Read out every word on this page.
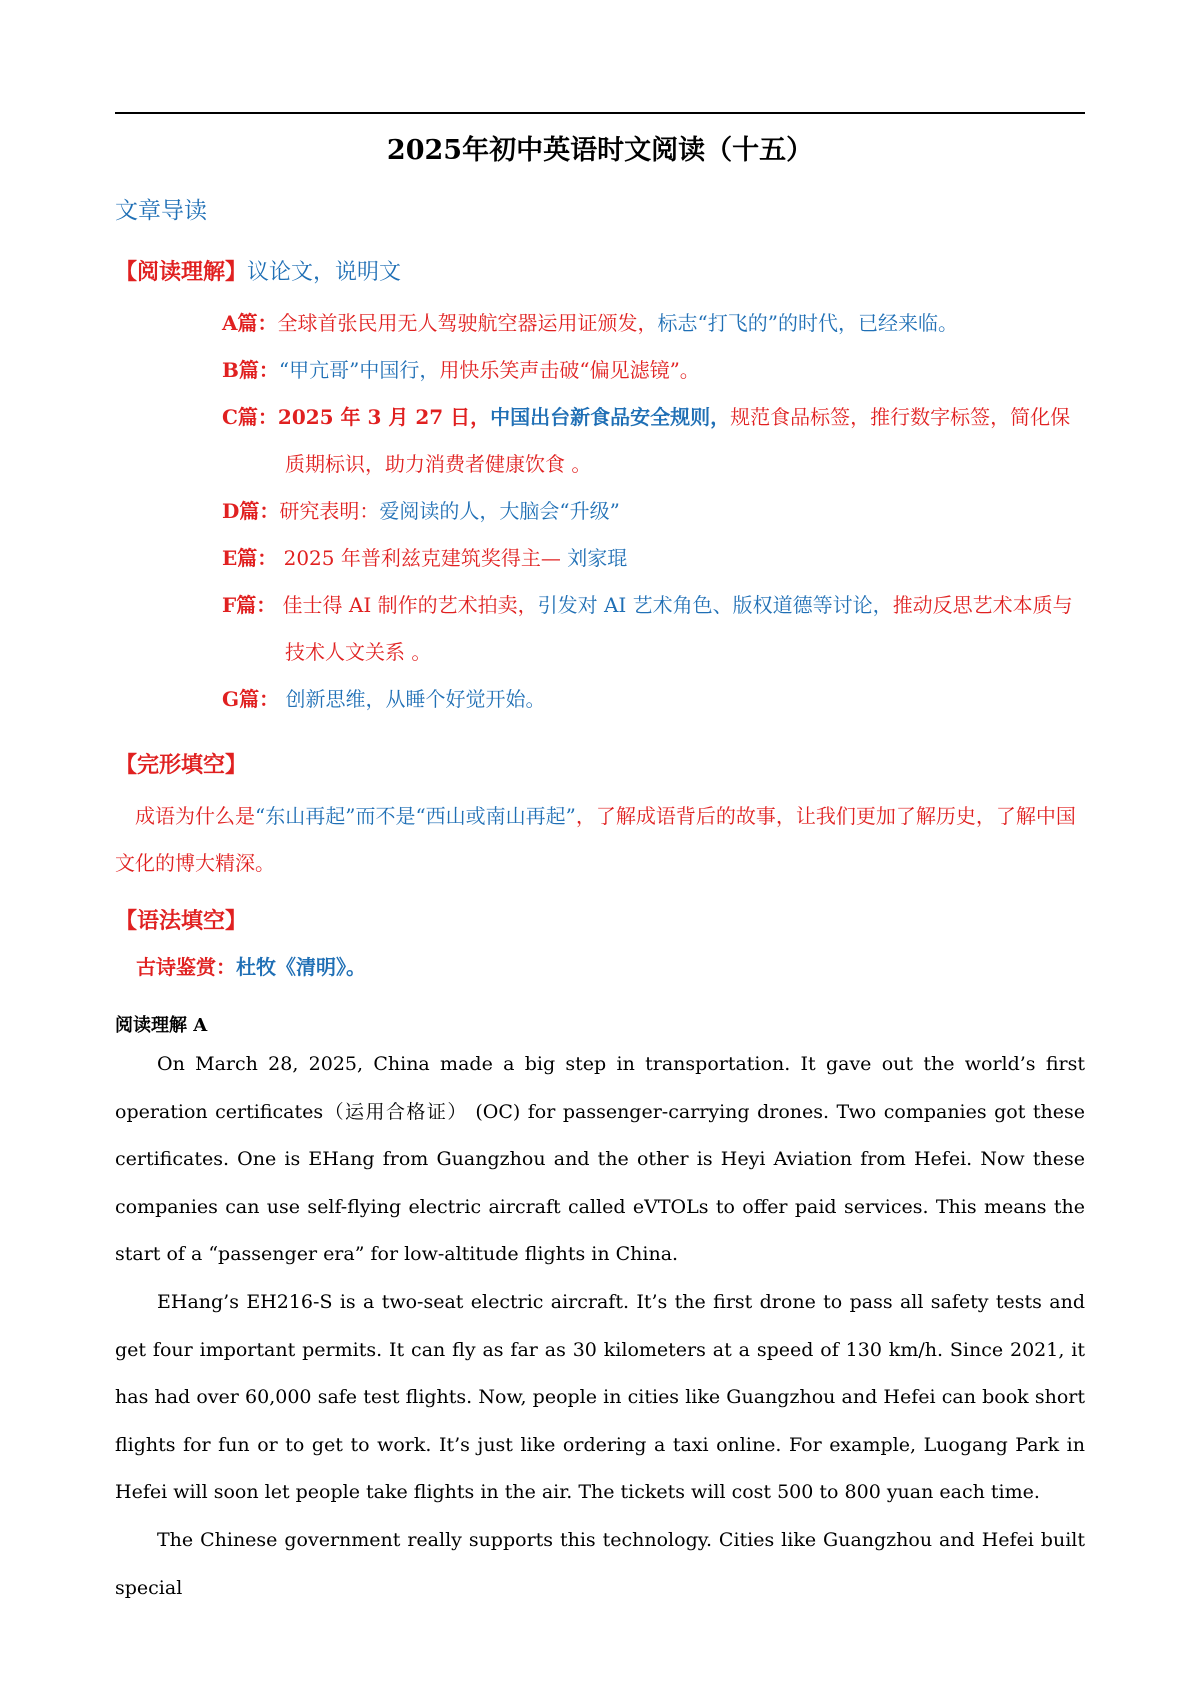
2025年初中英语时文阅读（十五）
文章导读
【阅读理解】议论文，说明文
A篇：全球首张民用无人驾驶航空器运用证颁发，标志“打飞的”的时代，已经来临。
B篇：“甲亢哥”中国行，用快乐笑声击破“偏见滤镜”。
C篇：2025 年 3 月 27 日，中国出台新食品安全规则，规范食品标签，推行数字标签，简化保质期标识，助力消费者健康饮食 。
D篇：研究表明：爱阅读的人，大脑会“升级”
E篇： 2025 年普利兹克建筑奖得主— 刘家琨
F篇： 佳士得 AI 制作的艺术拍卖，引发对 AI 艺术角色、版权道德等讨论，推动反思艺术本质与技术人文关系 。
G篇： 创新思维，从睡个好觉开始。
【完形填空】
成语为什么是“东山再起”而不是“西山或南山再起”，了解成语背后的故事，让我们更加了解历史，了解中国文化的博大精深。
【语法填空】
古诗鉴赏：杜牧《清明》。
阅读理解 A

On March 28, 2025, China made a big step in transportation. It gave out the world’s first operation certificates（运用合格证） (OC) for passenger-carrying drones. Two companies got these certificates. One is EHang from Guangzhou and the other is Heyi Aviation from Hefei. Now these companies can use self-flying electric aircraft called eVTOLs to offer paid services. This means the start of a “passenger era” for low-altitude flights in China.

EHang’s EH216-S is a two-seat electric aircraft. It’s the first drone to pass all safety tests and get four important permits. It can fly as far as 30 kilometers at a speed of 130 km/h. Since 2021, it has had over 60,000 safe test flights. Now, people in cities like Guangzhou and Hefei can book short flights for fun or to get to work. It’s just like ordering a taxi online. For example, Luogang Park in Hefei will soon let people take flights in the air. The tickets will cost 500 to 800 yuan each time.

The Chinese government really supports this technology. Cities like Guangzhou and Hefei built special
